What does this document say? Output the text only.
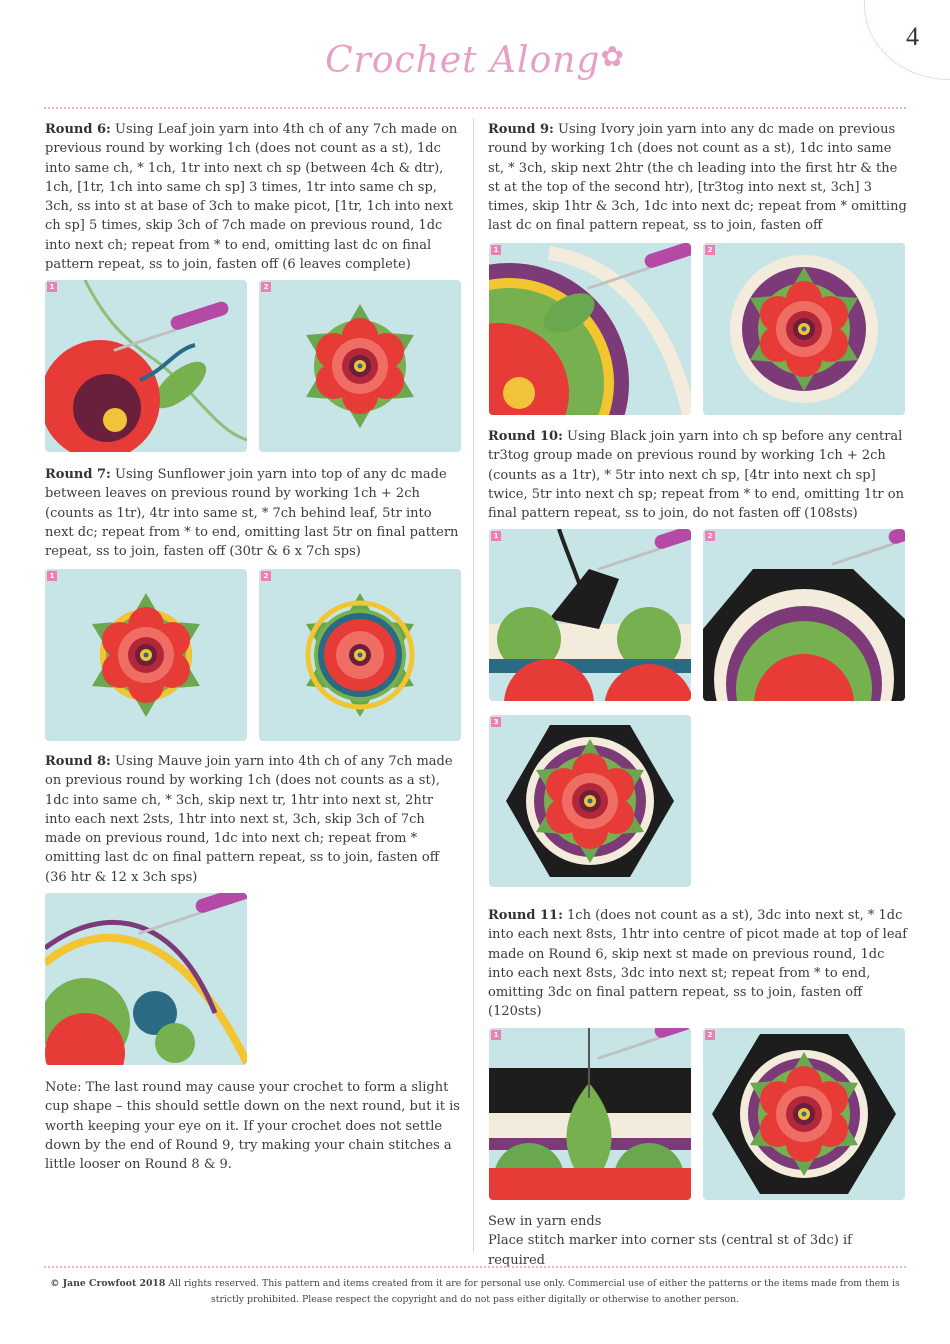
4
Crochet Along✿
Round 6: Using Leaf join yarn into 4th ch of any 7ch made on previous round by working 1ch (does not count as a st), 1dc into same ch, * 1ch, 1tr into next ch sp (between 4ch & dtr), 1ch, [1tr, 1ch into same ch sp] 3 times, 1tr into same ch sp, 3ch, ss into st at base of 3ch to make picot, [1tr, 1ch into next ch sp] 5 times, skip 3ch of 7ch made on previous round, 1dc into next ch; repeat from * to end, omitting last dc on final pattern repeat, ss to join, fasten off (6 leaves complete)
1	2
Round 7: Using Sunflower join yarn into top of any dc made between leaves on previous round by working 1ch + 2ch (counts as 1tr), 4tr into same st, * 7ch behind leaf, 5tr into next dc; repeat from * to end, omitting last 5tr on final pattern repeat, ss to join, fasten off (30tr & 6 x 7ch sps)
1	2
Round 8: Using Mauve join yarn into 4th ch of any 7ch made on previous round by working 1ch (does not counts as a st), 1dc into same ch, * 3ch, skip next tr, 1htr into next st, 2htr into each next 2sts, 1htr into next st, 3ch, skip 3ch of 7ch made on previous round, 1dc into next ch; repeat from * omitting last dc on final pattern repeat, ss to join, fasten off (36 htr & 12 x 3ch sps)
Note: The last round may cause your crochet to form a slight cup shape – this should settle down on the next round, but it is worth keeping your eye on it. If your crochet does not settle down by the end of Round 9, try making your chain stitches a little looser on Round 8 & 9.
Round 9: Using Ivory join yarn into any dc made on previous round by working 1ch (does not count as a st), 1dc into same st, * 3ch, skip next 2htr (the ch leading into the first htr & the st at the top of the second htr), [tr3tog into next st, 3ch] 3 times, skip 1htr & 3ch, 1dc into next dc; repeat from * omitting last dc on final pattern repeat, ss to join, fasten off
1	2
Round 10: Using Black join yarn into ch sp before any central tr3tog group made on previous round by working 1ch + 2ch (counts as a 1tr), * 5tr into next ch sp, [4tr into next ch sp] twice, 5tr into next ch sp; repeat from * to end, omitting 1tr on final pattern repeat, ss to join, do not fasten off (108sts)
1	2
3
Round 11: 1ch (does not count as a st), 3dc into next st, * 1dc into each next 8sts, 1htr into centre of picot made at top of leaf made on Round 6, skip next st made on previous round, 1dc into each next 8sts, 3dc into next st; repeat from * to end, omitting 3dc on final pattern repeat, ss to join, fasten off (120sts)
1	2
Sew in yarn ends
Place stitch marker into corner sts (central st of 3dc) if required
© Jane Crowfoot 2018 All rights reserved. This pattern and items created from it are for personal use only. Commercial use of either the patterns or the items made from them is strictly prohibited. Please respect the copyright and do not pass either digitally or otherwise to another person.
